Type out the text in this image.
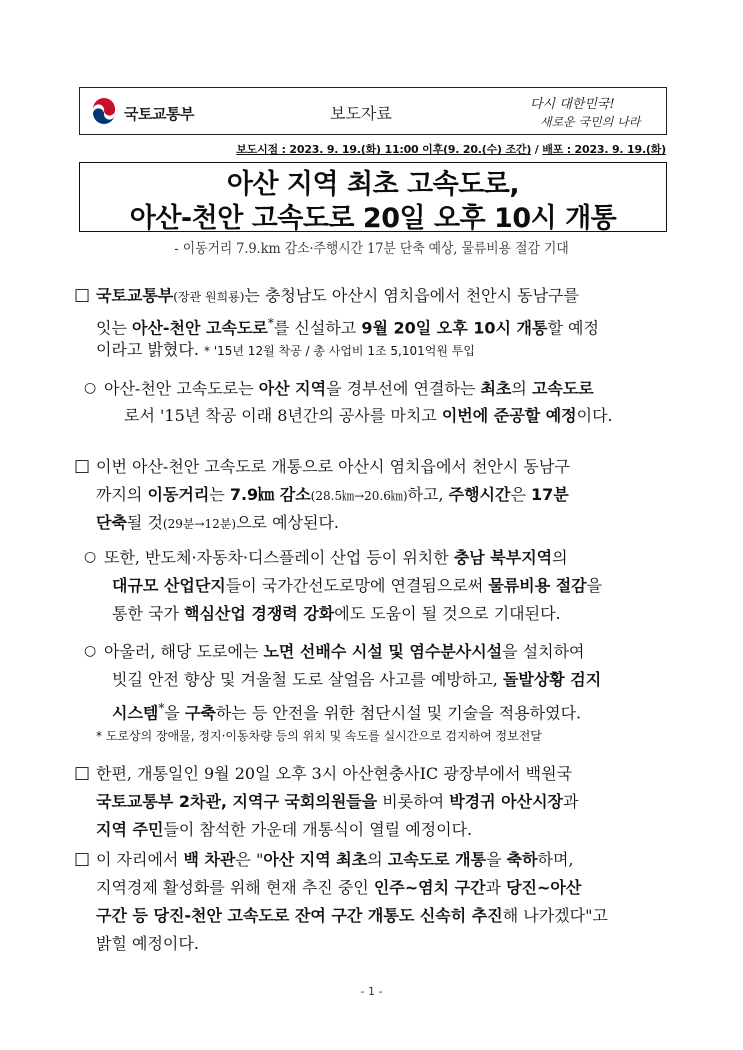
국토교통부	보도자료	다시 대한민국!
새로운 국민의 나라
보도시점 : 2023. 9. 19.(화) 11:00 이후(9. 20.(수) 조간) / 배포 : 2023. 9. 19.(화)
아산 지역 최초 고속도로,
아산-천안 고속도로 20일 오후 10시 개통
- 이동거리 7.9.km 감소·주행시간 17분 단축 예상, 물류비용 절감 기대
□ 국토교통부(장관 원희룡)는 충청남도 아산시 염치읍에서 천안시 동남구를
잇는 아산-천안 고속도로*를 신설하고 9월 20일 오후 10시 개통할 예정
이라고 밝혔다. * '15년 12월 착공 / 총 사업비 1조 5,101억원 투입
○ 아산-천안 고속도로는 아산 지역을 경부선에 연결하는 최초의 고속도로
로서 '15년 착공 이래 8년간의 공사를 마치고 이번에 준공할 예정이다.
□ 이번 아산-천안 고속도로 개통으로 아산시 염치읍에서 천안시 동남구
까지의 이동거리는 7.9㎞ 감소(28.5㎞→20.6㎞)하고, 주행시간은 17분
단축될 것(29분→12분)으로 예상된다.
○ 또한, 반도체·자동차·디스플레이 산업 등이 위치한 충남 북부지역의
대규모 산업단지들이 국가간선도로망에 연결됨으로써 물류비용 절감을
통한 국가 핵심산업 경쟁력 강화에도 도움이 될 것으로 기대된다.
○ 아울러, 해당 도로에는 노면 선배수 시설 및 염수분사시설을 설치하여
빗길 안전 향상 및 겨울철 도로 살얼음 사고를 예방하고, 돌발상황 검지
시스템*을 구축하는 등 안전을 위한 첨단시설 및 기술을 적용하였다.
* 도로상의 장애물, 정지·이동차량 등의 위치 및 속도를 실시간으로 검지하여 정보전달
□ 한편, 개통일인 9월 20일 오후 3시 아산현충사IC 광장부에서 백원국
국토교통부 2차관, 지역구 국회의원들을 비롯하여 박경귀 아산시장과
지역 주민들이 참석한 가운데 개통식이 열릴 예정이다.
□ 이 자리에서 백 차관은 "아산 지역 최초의 고속도로 개통을 축하하며,
지역경제 활성화를 위해 현재 추진 중인 인주~염치 구간과 당진~아산
구간 등 당진-천안 고속도로 잔여 구간 개통도 신속히 추진해 나가겠다"고
밝힐 예정이다.
- 1 -
